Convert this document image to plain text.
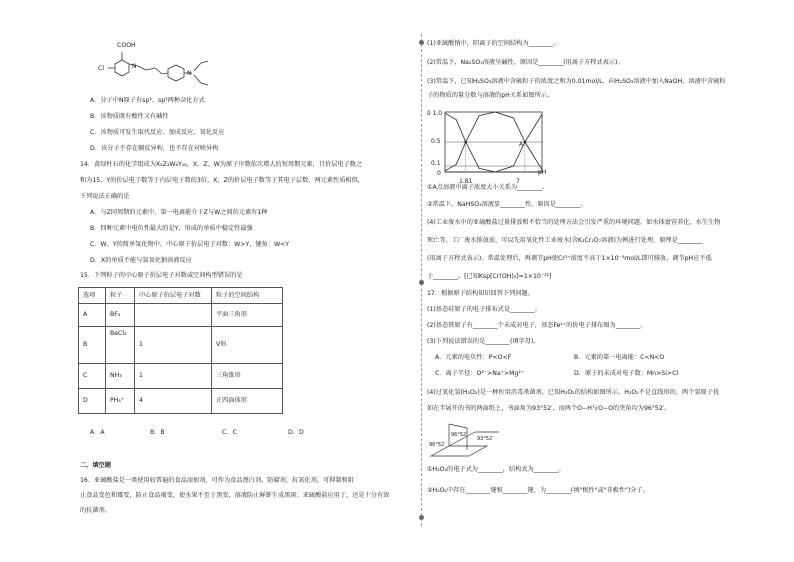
COOH
Cl	N
N
A．分子中N原子有sp²、sp³两种杂化方式
B．该物质既有酸性又有碱性
C．该物质可发生取代反应、加成反应、氧化反应
D．该分子不存在顺反异构，也不存在对映异构
14．黄绿柱石的化学组成为X₂Z₃W₆Y₁₈，X、Z、W为原子序数依次增大的短周期元素，且价层电子数之
和为15，Y的价层电子数等于内层电子数的3倍，X、Z的价层电子数等于其电子层数，两元素性质相似，
下列说法正确的是
A．与Z同周期的元素中，第一电离能介于Z与W之间的元素有1种
B．四种元素中电负性最大的是Y，形成的单质中稳定性最强
C．W、Y的简单氢化物中，中心原子价层电子对数：W>Y，键角：W<Y
D．X的单质不能与氢氧化钠溶液反应
15．下列粒子的中心原子价层电子对数或空间构型错误的是
选项	粒子	中心原子价层电子对数	粒子的空间结构
A	BF₃		平面三角形
B	BeCl₂	1	V形
C	NH₃	1	三角锥形
D	PH₄⁺	4	正四面体形
A．A	B．B	C．C	D．D
二、填空题
16．亚硫酸盐是一类使用较普遍的食品添加剂，可作为食品漂白剂，防腐剂，抗氧化剂，可抑制和阻
止食品变色和霉变，防止食品褐变，使水果不至于黑变，溶液防止鲜虾生成黑斑；亚硫酸盐应用于，还是十分有效
的抗菌剂。
(1)亚硫酸钠中，阴离子的空间结构为________。
(2)常温下，Na₂SO₃溶液呈碱性，原因是________(用离子方程式表示)。
(3)常温下，已知H₂SO₃溶液中含硫粒子的浓度之和为0.01mol/L，向H₂SO₃溶液中加入NaOH，溶液中含硫粒
子的物质的量分数与溶液的pH关系如图所示。
δ 1.0
0.5
0.1
0
1.81	7
pH
A
①A点溶液中离子浓度大小关系为________。
②常温下，NaHSO₃溶液显________性，原因是________。
(4)工业废水中的亚硫酸盐过量排放和不恰当的处理方法会引发严重的环境问题，如水体富营养化、水生生物
死亡等。工厂废水排放前，可以先用氧化性工业废水(含K₂Cr₂O₇溶液)为例进行处理，原理是________
(用离子方程式表示)。常温处理后，再调节pH使Cr³⁺浓度不高于1×10⁻⁵mol/L即可排放，调节pH应不低
于________。[已知Ksp[Cr(OH)₃]=1×10⁻³²]
17．根据原子结构知识回答下列问题。
(1)基态硅原子的电子排布式是________。
(2)基态铁原子有________个未成对电子，基态Fe²⁺的价电子排布图为________。
(3)下列说法错误的是________(填字母)。
A．元素的电负性：P<O<F	B．元素的第一电离能：C<N<O
C．离子半径：O²⁻>Na⁺>Mg²⁺	D．原子的未成对电子数：Mn>Si>Cl
(4)过氧化氢(H₂O₂)是一种医用消毒杀菌剂，已知H₂O₂的结构如图所示。H₂O₂不是直线形的，两个氢原子犹
如在半展开的书的两面纸上，书面角为93°52′，而两个O−H与O−O的夹角均为96°52′。
96°52′
93°52′
96°52′
①H₂O₂的电子式为________，结构式为________。
②H₂O₂中存在________键和________键，为________(填"极性"或"非极性")分子。
